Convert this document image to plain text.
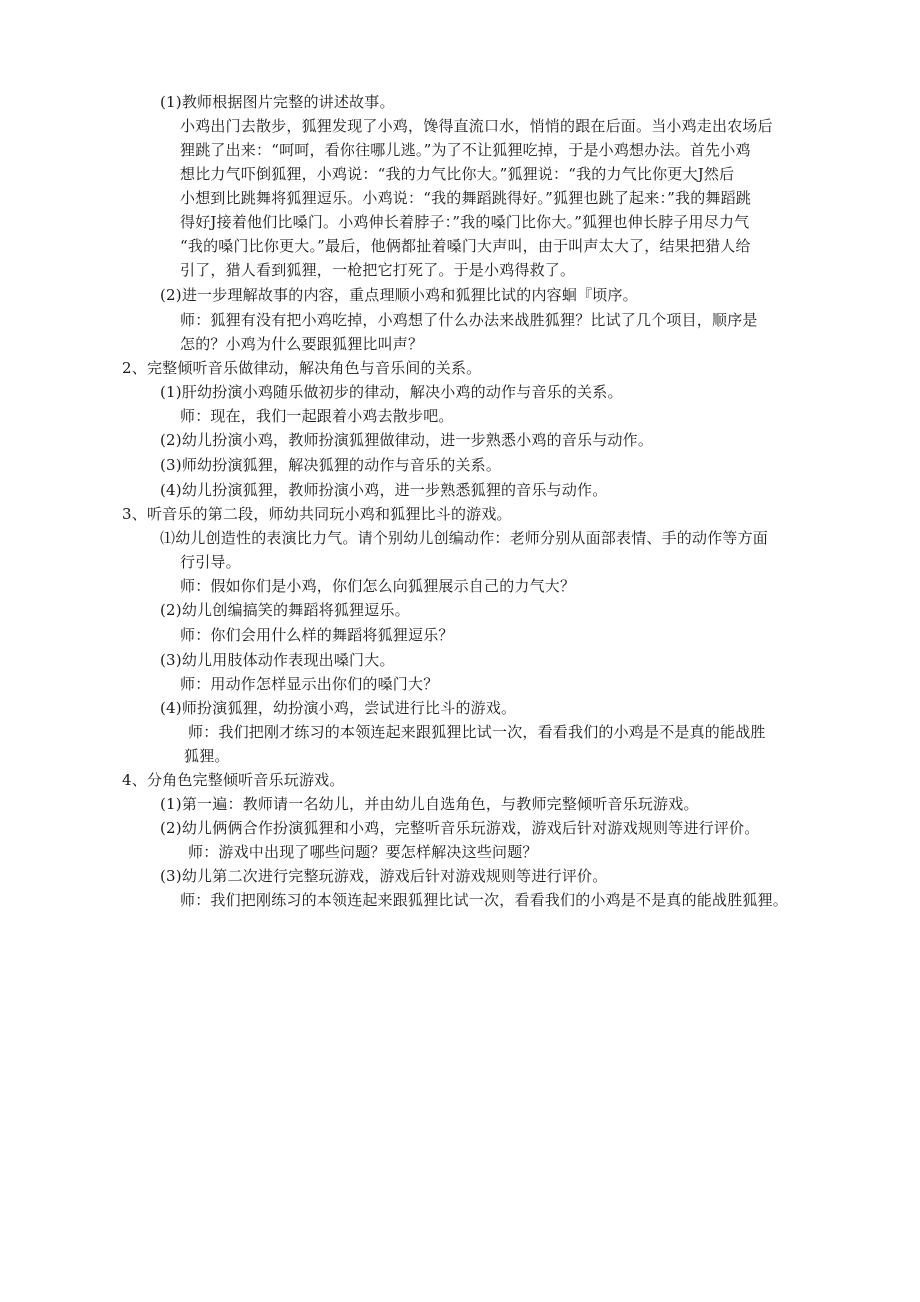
(1)教师根据图片完整的讲述故事。
小鸡出门去散步，狐狸发现了小鸡，馋得直流口水，悄悄的跟在后面。当小鸡走出农场后
狸跳了出来：“呵呵，看你往哪儿逃。”为了不让狐狸吃掉，于是小鸡想办法。首先小鸡
想比力气吓倒狐狸，小鸡说：“我的力气比你大。”狐狸说：“我的力气比你更大J然后
小想到比跳舞将狐狸逗乐。小鸡说：“我的舞蹈跳得好。”狐狸也跳了起来：”我的舞蹈跳
得好J接着他们比嗓门。小鸡伸长着脖子：”我的嗓门比你大。”狐狸也伸长脖子用尽力气
“我的嗓门比你更大。”最后，他俩都扯着嗓门大声叫，由于叫声太大了，结果把猎人给
引了，猎人看到狐狸，一枪把它打死了。于是小鸡得救了。
(2)进一步理解故事的内容，重点理顺小鸡和狐狸比试的内容蛔『顷序。
师：狐狸有没有把小鸡吃掉，小鸡想了什么办法来战胜狐狸？比试了几个项目，顺序是
怎的？小鸡为什么要跟狐狸比叫声？
2、完整倾听音乐做律动，解决角色与音乐间的关系。
(1)肝幼扮演小鸡随乐做初步的律动，解决小鸡的动作与音乐的关系。
师：现在，我们一起跟着小鸡去散步吧。
(2)幼儿扮演小鸡，教师扮演狐狸做律动，进一步熟悉小鸡的音乐与动作。
(3)师幼扮演狐狸，解决狐狸的动作与音乐的关系。
(4)幼儿扮演狐狸，教师扮演小鸡，进一步熟悉狐狸的音乐与动作。
3、听音乐的第二段，师幼共同玩小鸡和狐狸比斗的游戏。
⑴幼儿创造性的表演比力气。请个别幼儿创编动作：老师分别从面部表情、手的动作等方面
行引导。
师：假如你们是小鸡，你们怎么向狐狸展示自己的力气大？
(2)幼儿创编搞笑的舞蹈将狐狸逗乐。
师：你们会用什么样的舞蹈将狐狸逗乐？
(3)幼儿用肢体动作表现出嗓门大。
师：用动作怎样显示出你们的嗓门大？
(4)师扮演狐狸，幼扮演小鸡，尝试进行比斗的游戏。
师：我们把刚才练习的本领连起来跟狐狸比试一次，看看我们的小鸡是不是真的能战胜
狐狸。
4、分角色完整倾听音乐玩游戏。
(1)第一遍：教师请一名幼儿，并由幼儿自选角色，与教师完整倾听音乐玩游戏。
(2)幼儿俩俩合作扮演狐狸和小鸡，完整听音乐玩游戏，游戏后针对游戏规则等进行评价。
师：游戏中出现了哪些问题？要怎样解决这些问题？
(3)幼儿第二次进行完整玩游戏，游戏后针对游戏规则等进行评价。
师：我们把刚练习的本领连起来跟狐狸比试一次，看看我们的小鸡是不是真的能战胜狐狸。
